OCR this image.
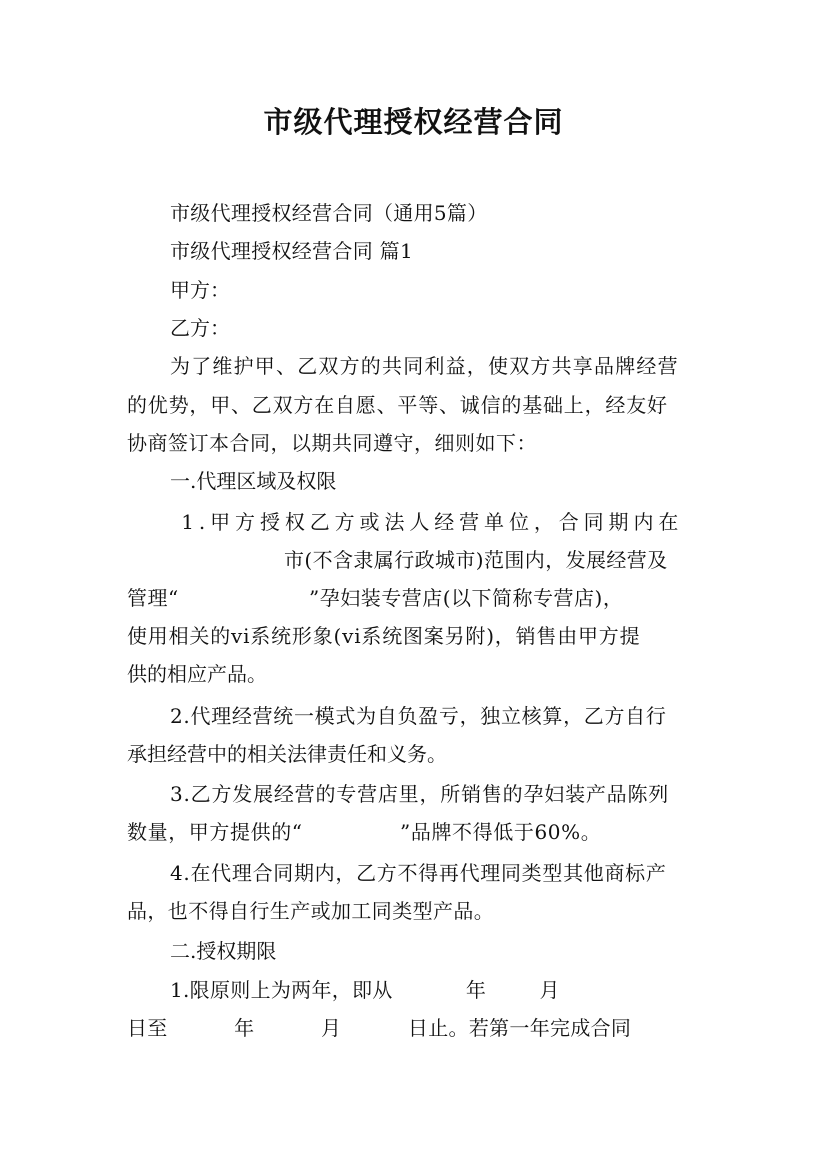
市级代理授权经营合同

市级代理授权经营合同（通用5篇）

市级代理授权经营合同 篇1

甲方：

乙方：

为了维护甲、乙双方的共同利益，使双方共享品牌经营

的优势，甲、乙双方在自愿、平等、诚信的基础上，经友好

协商签订本合同，以期共同遵守，细则如下：

一.代理区域及权限

1.甲方授权乙方或法人经营单位，合同期内在

市(不含隶属行政城市)范围内，发展经营及

管理“                   ”孕妇装专营店(以下简称专营店)，

使用相关的vi系统形象(vi系统图案另附)，销售由甲方提

供的相应产品。

2.代理经营统一模式为自负盈亏，独立核算，乙方自行

承担经营中的相关法律责任和义务。

3.乙方发展经营的专营店里，所销售的孕妇装产品陈列

数量，甲方提供的“              ”品牌不得低于60%。

4.在代理合同期内，乙方不得再代理同类型其他商标产

品，也不得自行生产或加工同类型产品。

二.授权期限

1.限原则上为两年，即从           年        月

日至          年          月          日止。若第一年完成合同
